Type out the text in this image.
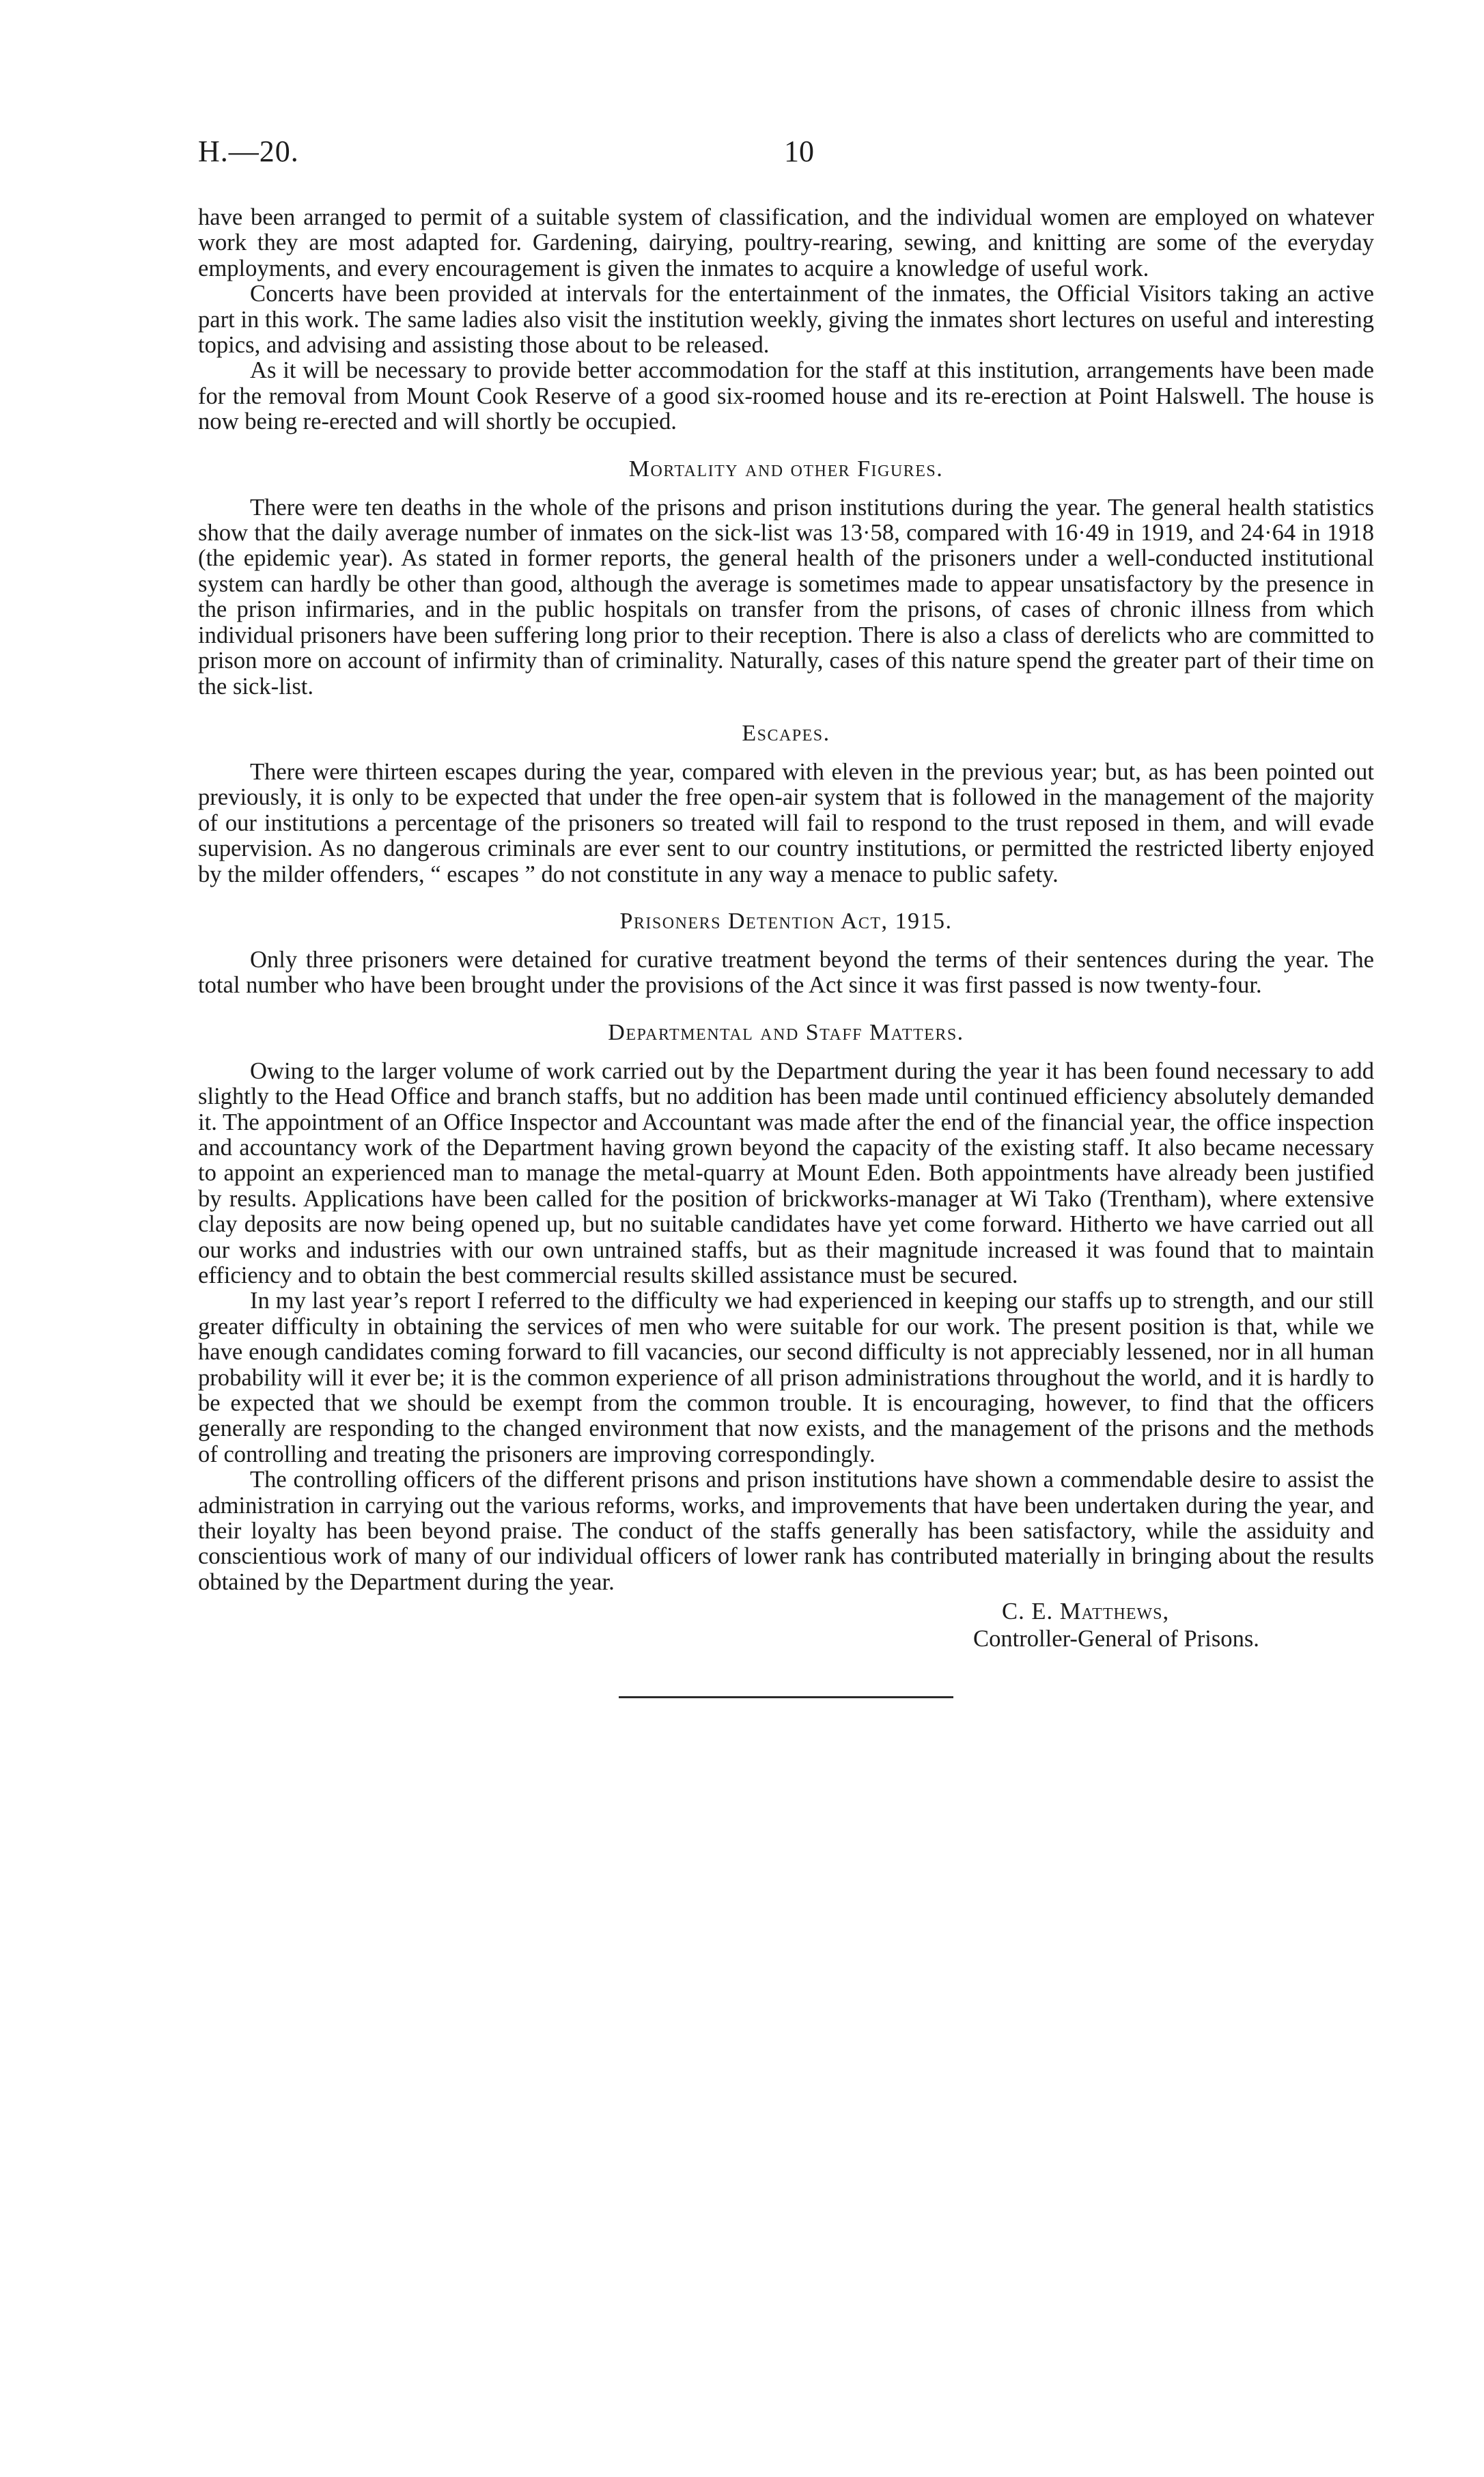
H.—20.	10

have been arranged to permit of a suitable system of classification, and the individual women are employed on whatever work they are most adapted for. Gardening, dairying, poultry-rearing, sewing, and knitting are some of the everyday employments, and every encouragement is given the inmates to acquire a knowledge of useful work.

Concerts have been provided at intervals for the entertainment of the inmates, the Official Visitors taking an active part in this work. The same ladies also visit the institution weekly, giving the inmates short lectures on useful and interesting topics, and advising and assisting those about to be released.

As it will be necessary to provide better accommodation for the staff at this institution, arrangements have been made for the removal from Mount Cook Reserve of a good six-roomed house and its re-erection at Point Halswell. The house is now being re-erected and will shortly be occupied.

Mortality and other Figures.

There were ten deaths in the whole of the prisons and prison institutions during the year. The general health statistics show that the daily average number of inmates on the sick-list was 13·58, compared with 16·49 in 1919, and 24·64 in 1918 (the epidemic year). As stated in former reports, the general health of the prisoners under a well-conducted institutional system can hardly be other than good, although the average is sometimes made to appear unsatisfactory by the presence in the prison infirmaries, and in the public hospitals on transfer from the prisons, of cases of chronic illness from which individual prisoners have been suffering long prior to their reception. There is also a class of derelicts who are committed to prison more on account of infirmity than of criminality. Naturally, cases of this nature spend the greater part of their time on the sick-list.

Escapes.

There were thirteen escapes during the year, compared with eleven in the previous year; but, as has been pointed out previously, it is only to be expected that under the free open-air system that is followed in the management of the majority of our institutions a percentage of the prisoners so treated will fail to respond to the trust reposed in them, and will evade supervision. As no dangerous criminals are ever sent to our country institutions, or permitted the restricted liberty enjoyed by the milder offenders, “ escapes ” do not constitute in any way a menace to public safety.

Prisoners Detention Act, 1915.

Only three prisoners were detained for curative treatment beyond the terms of their sentences during the year. The total number who have been brought under the provisions of the Act since it was first passed is now twenty-four.

Departmental and Staff Matters.

Owing to the larger volume of work carried out by the Department during the year it has been found necessary to add slightly to the Head Office and branch staffs, but no addition has been made until continued efficiency absolutely demanded it. The appointment of an Office Inspector and Accountant was made after the end of the financial year, the office inspection and accountancy work of the Department having grown beyond the capacity of the existing staff. It also became necessary to appoint an experienced man to manage the metal-quarry at Mount Eden. Both appointments have already been justified by results. Applications have been called for the position of brickworks-manager at Wi Tako (Trentham), where extensive clay deposits are now being opened up, but no suitable candidates have yet come forward. Hitherto we have carried out all our works and industries with our own untrained staffs, but as their magnitude increased it was found that to maintain efficiency and to obtain the best commercial results skilled assistance must be secured.

In my last year’s report I referred to the difficulty we had experienced in keeping our staffs up to strength, and our still greater difficulty in obtaining the services of men who were suitable for our work. The present position is that, while we have enough candidates coming forward to fill vacancies, our second difficulty is not appreciably lessened, nor in all human probability will it ever be; it is the common experience of all prison administrations throughout the world, and it is hardly to be expected that we should be exempt from the common trouble. It is encouraging, however, to find that the officers generally are responding to the changed environment that now exists, and the management of the prisons and the methods of controlling and treating the prisoners are improving correspondingly.

The controlling officers of the different prisons and prison institutions have shown a commendable desire to assist the administration in carrying out the various reforms, works, and improvements that have been undertaken during the year, and their loyalty has been beyond praise. The conduct of the staffs generally has been satisfactory, while the assiduity and conscientious work of many of our individual officers of lower rank has contributed materially in bringing about the results obtained by the Department during the year.

C. E. Matthews,
Controller-General of Prisons.
